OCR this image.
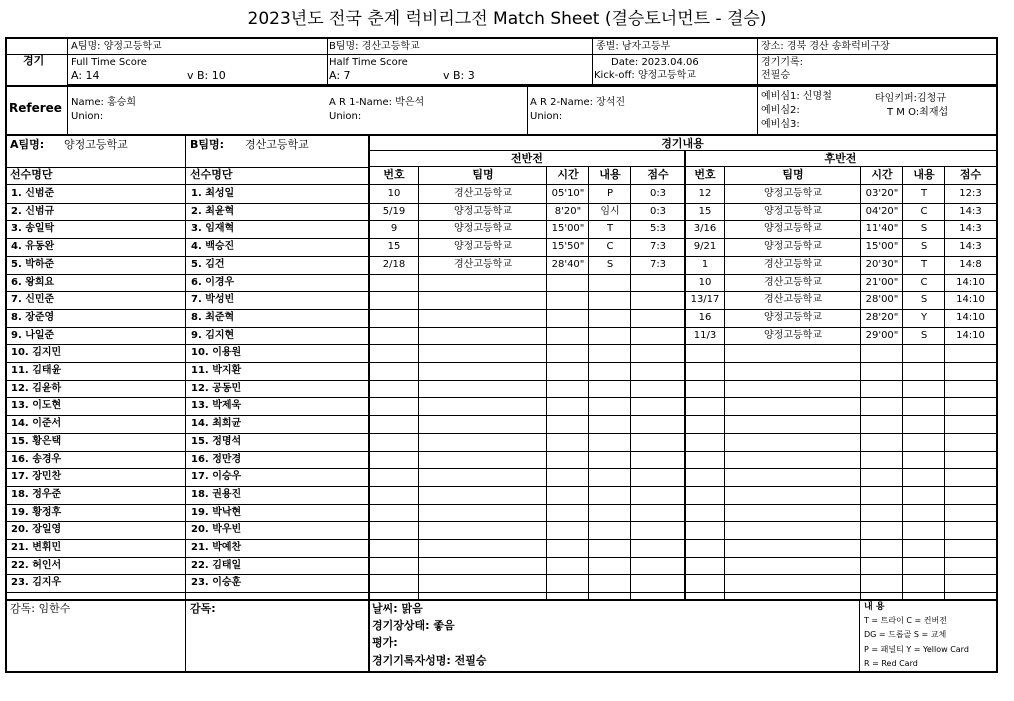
2023년도 전국 춘계 럭비리그전 Match Sheet (결승토너먼트 - 결승)
경기
A팀명: 양정고등학교	B팀명: 경산고등학교	종별: 남자고등부	장소: 경북 경산 송화럭비구장
Full Time Score
A: 14	v B: 10
Half Time Score
A: 7	v B: 3
Date: 2023.04.06
Kick-off: 양정고등학교
경기기록:
전필승
Referee Name: 홍승희
Union:
A R 1-Name: 박은석
Union:
A R 2-Name: 장석진
Union:
예비심1: 신명철
예비심2:
예비심3:
타임키퍼:김청규
T M O:최재섭
A팀명: 양정고등학교	B팀명: 경산고등학교	경기내용
전반전	후반전
선수명단	선수명단	번호	팀명	시간	내용	점수	번호	팀명	시간	내용	점수
1. 신범준	1. 최성일
2. 신범규	2. 최윤혁
3. 송일탁	3. 임재혁
4. 유동완	4. 백승진
5. 박하준	5. 김건
6. 왕희요	6. 이경우
7. 신민준	7. 박성빈
8. 장준영	8. 최준혁
9. 나일준	9. 김지현
10. 김지민	10. 이용원
11. 김태윤	11. 박지환
12. 김윤하	12. 공동민
13. 이도현	13. 박제욱
14. 이준서	14. 최희균
15. 황은택	15. 정명석
16. 송경우	16. 정만경
17. 장민찬	17. 이승우
18. 정우준	18. 권용진
19. 황정후	19. 박낙현
20. 장일영	20. 박우빈
21. 변휘민	21. 박예찬
22. 허인서	22. 김태일
23. 김지우	23. 이승훈
10	경산고등학교	05'10"	P	0:3
5/19	양정고등학교	8'20"	임시	0:3
9	양정고등학교	15'00"	T	5:3
15	양정고등학교	15'50"	C	7:3
2/18	경산고등학교	28'40"	S	7:3
12	양정고등학교	03'20"	T	12:3
15	양정고등학교	04'20"	C	14:3
3/16	양정고등학교	11'40"	S	14:3
9/21	양정고등학교	15'00"	S	14:3
1	경산고등학교	20'30"	T	14:8
10	경산고등학교	21'00"	C	14:10
13/17	경산고등학교	28'00"	S	14:10
16	양정고등학교	28'20"	Y	14:10
11/3	양정고등학교	29'00"	S	14:10
감독: 임한수	감독:	날씨: 맑음
경기장상태: 좋음
평가:
경기기록자성명: 전필승
내 용
T = 트라이 C = 컨버전
DG = 드롭골 S = 교체
P = 패널티 Y = Yellow Card
R = Red Card
